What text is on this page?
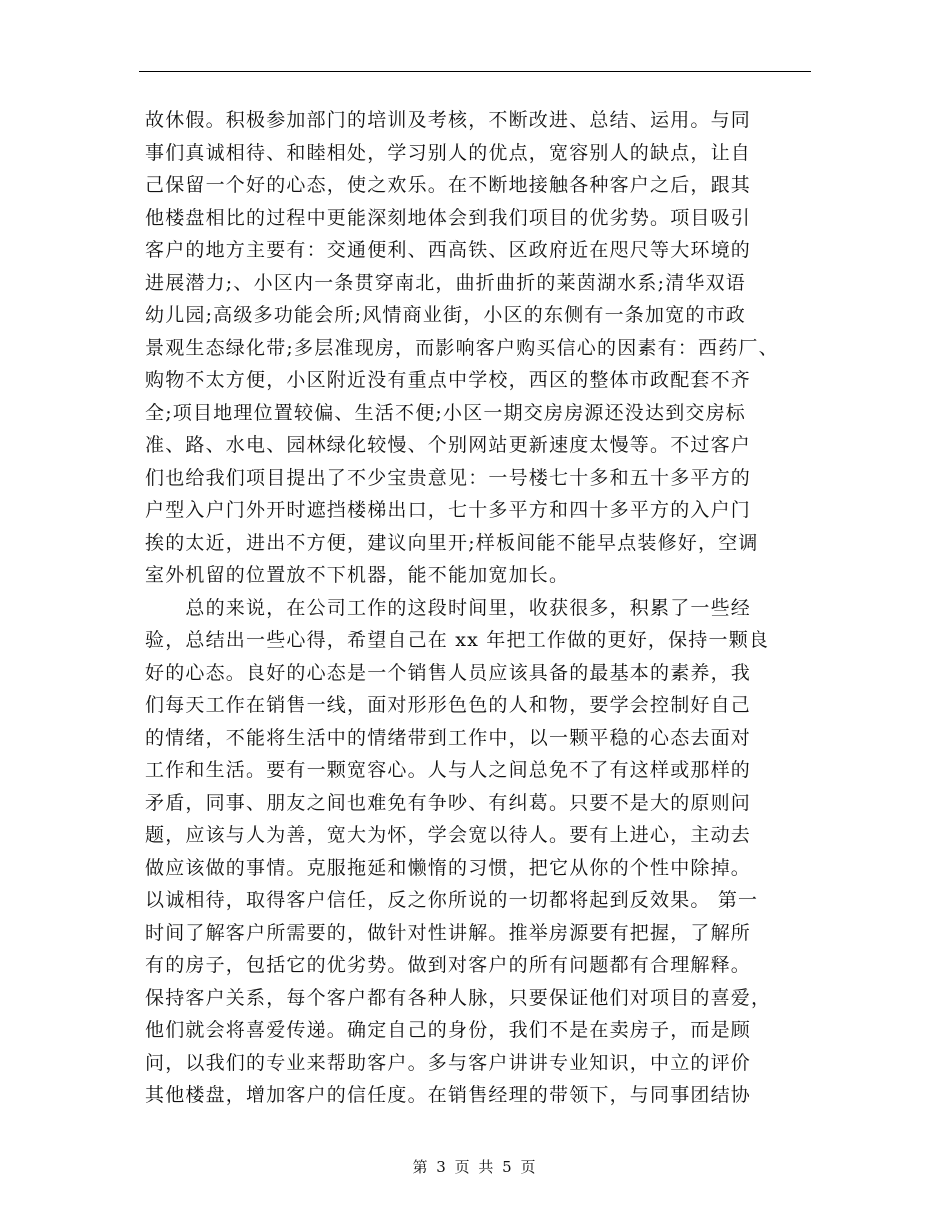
故休假。积极参加部门的培训及考核，不断改进、总结、运用。与同
事们真诚相待、和睦相处，学习别人的优点，宽容别人的缺点，让自
己保留一个好的心态，使之欢乐。在不断地接触各种客户之后，跟其
他楼盘相比的过程中更能深刻地体会到我们项目的优劣势。项目吸引
客户的地方主要有：交通便利、西高铁、区政府近在咫尺等大环境的
进展潜力;、小区内一条贯穿南北，曲折曲折的莱茵湖水系;清华双语
幼儿园;高级多功能会所;风情商业街，小区的东侧有一条加宽的市政
景观生态绿化带;多层准现房，而影响客户购买信心的因素有：西药厂、
购物不太方便，小区附近没有重点中学校，西区的整体市政配套不齐
全;项目地理位置较偏、生活不便;小区一期交房房源还没达到交房标
准、路、水电、园林绿化较慢、个别网站更新速度太慢等。不过客户
们也给我们项目提出了不少宝贵意见：一号楼七十多和五十多平方的
户型入户门外开时遮挡楼梯出口，七十多平方和四十多平方的入户门
挨的太近，进出不方便，建议向里开;样板间能不能早点装修好，空调
室外机留的位置放不下机器，能不能加宽加长。
　　总的来说，在公司工作的这段时间里，收获很多，积累了一些经
验，总结出一些心得，希望自己在 xx 年把工作做的更好，保持一颗良
好的心态。良好的心态是一个销售人员应该具备的最基本的素养，我
们每天工作在销售一线，面对形形色色的人和物，要学会控制好自己
的情绪，不能将生活中的情绪带到工作中，以一颗平稳的心态去面对
工作和生活。要有一颗宽容心。人与人之间总免不了有这样或那样的
矛盾，同事、朋友之间也难免有争吵、有纠葛。只要不是大的原则问
题，应该与人为善，宽大为怀，学会宽以待人。要有上进心，主动去
做应该做的事情。克服拖延和懒惰的习惯，把它从你的个性中除掉。
以诚相待，取得客户信任，反之你所说的一切都将起到反效果。 第一
时间了解客户所需要的，做针对性讲解。推举房源要有把握，了解所
有的房子，包括它的优劣势。做到对客户的所有问题都有合理解释。
保持客户关系，每个客户都有各种人脉，只要保证他们对项目的喜爱，
他们就会将喜爱传递。确定自己的身份，我们不是在卖房子，而是顾
问，以我们的专业来帮助客户。多与客户讲讲专业知识，中立的评价
其他楼盘，增加客户的信任度。在销售经理的带领下，与同事团结协
第 3 页 共 5 页
